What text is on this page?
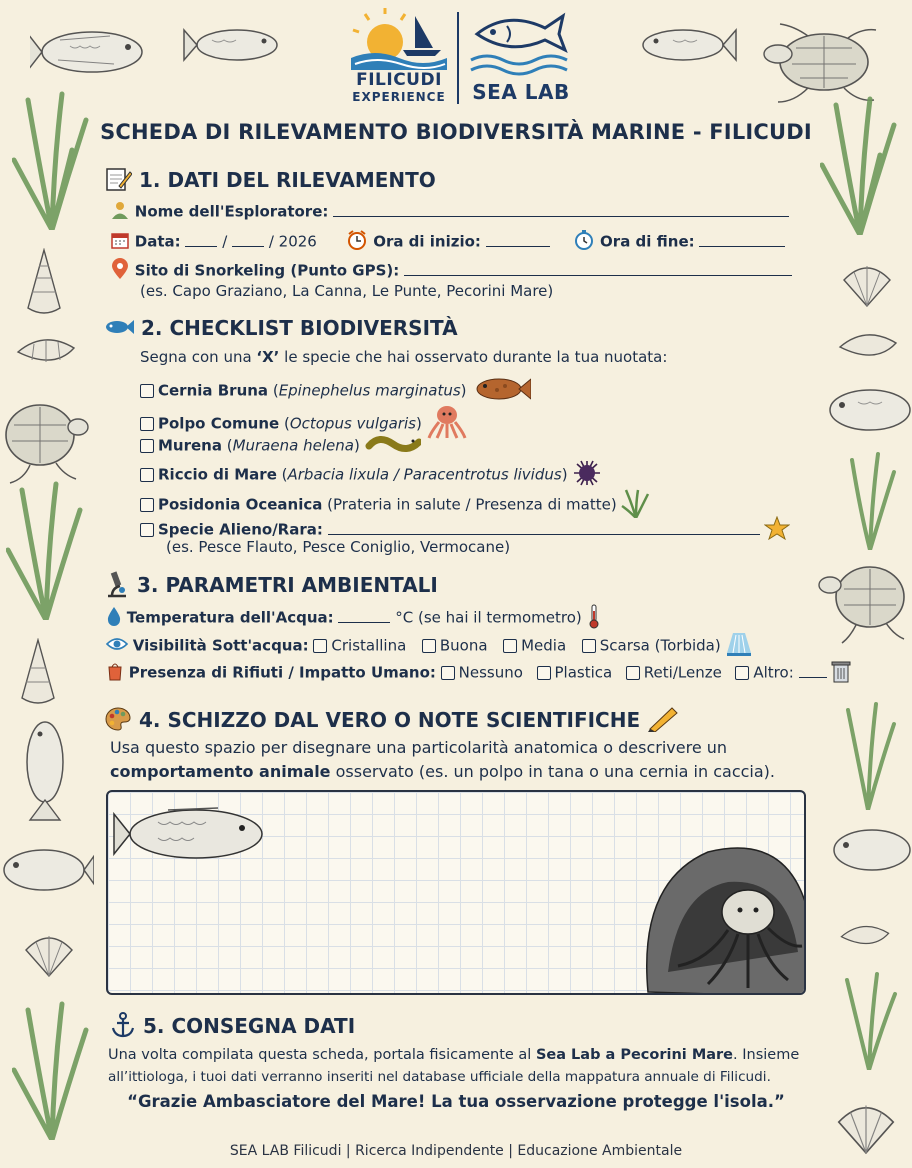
FILICUDI
EXPERIENCE	SEA LAB
SCHEDA DI RILEVAMENTO BIODIVERSITÀ MARINE - FILICUDI
1. DATI DEL RILEVAMENTO
Nome dell'Esploratore:
Data:	/	/ 2026	Ora di inizio:	Ora di fine:
Sito di Snorkeling (Punto GPS):
(es. Capo Graziano, La Canna, Le Punte, Pecorini Mare)
2. CHECKLIST BIODIVERSITÀ
Segna con una ‘X’ le specie che hai osservato durante la tua nuotata:
Cernia Bruna (Epinephelus marginatus)
Polpo Comune (Octopus vulgaris)
Murena (Muraena helena)
Riccio di Mare (Arbacia lixula / Paracentrotus lividus)
Posidonia Oceanica (Prateria in salute / Presenza di matte)
Specie Alieno/Rara:
(es. Pesce Flauto, Pesce Coniglio, Vermocane)
3. PARAMETRI AMBIENTALI
Temperatura dell'Acqua:	°C (se hai il termometro)
Visibilità Sott'acqua: Cristallina Buona Media Scarsa (Torbida)
Presenza di Rifiuti / Impatto Umano: Nessuno Plastica Reti/Lenze Altro:
4. SCHIZZO DAL VERO O NOTE SCIENTIFICHE
Usa questo spazio per disegnare una particolarità anatomica o descrivere un
comportamento animale osservato (es. un polpo in tana o una cernia in caccia).
5. CONSEGNA DATI
Una volta compilata questa scheda, portala fisicamente al Sea Lab a Pecorini Mare. Insieme
all’ittiologa, i tuoi dati verranno inseriti nel database ufficiale della mappatura annuale di Filicudi.
“Grazie Ambasciatore del Mare! La tua osservazione protegge l'isola.”
SEA LAB Filicudi | Ricerca Indipendente | Educazione Ambientale
